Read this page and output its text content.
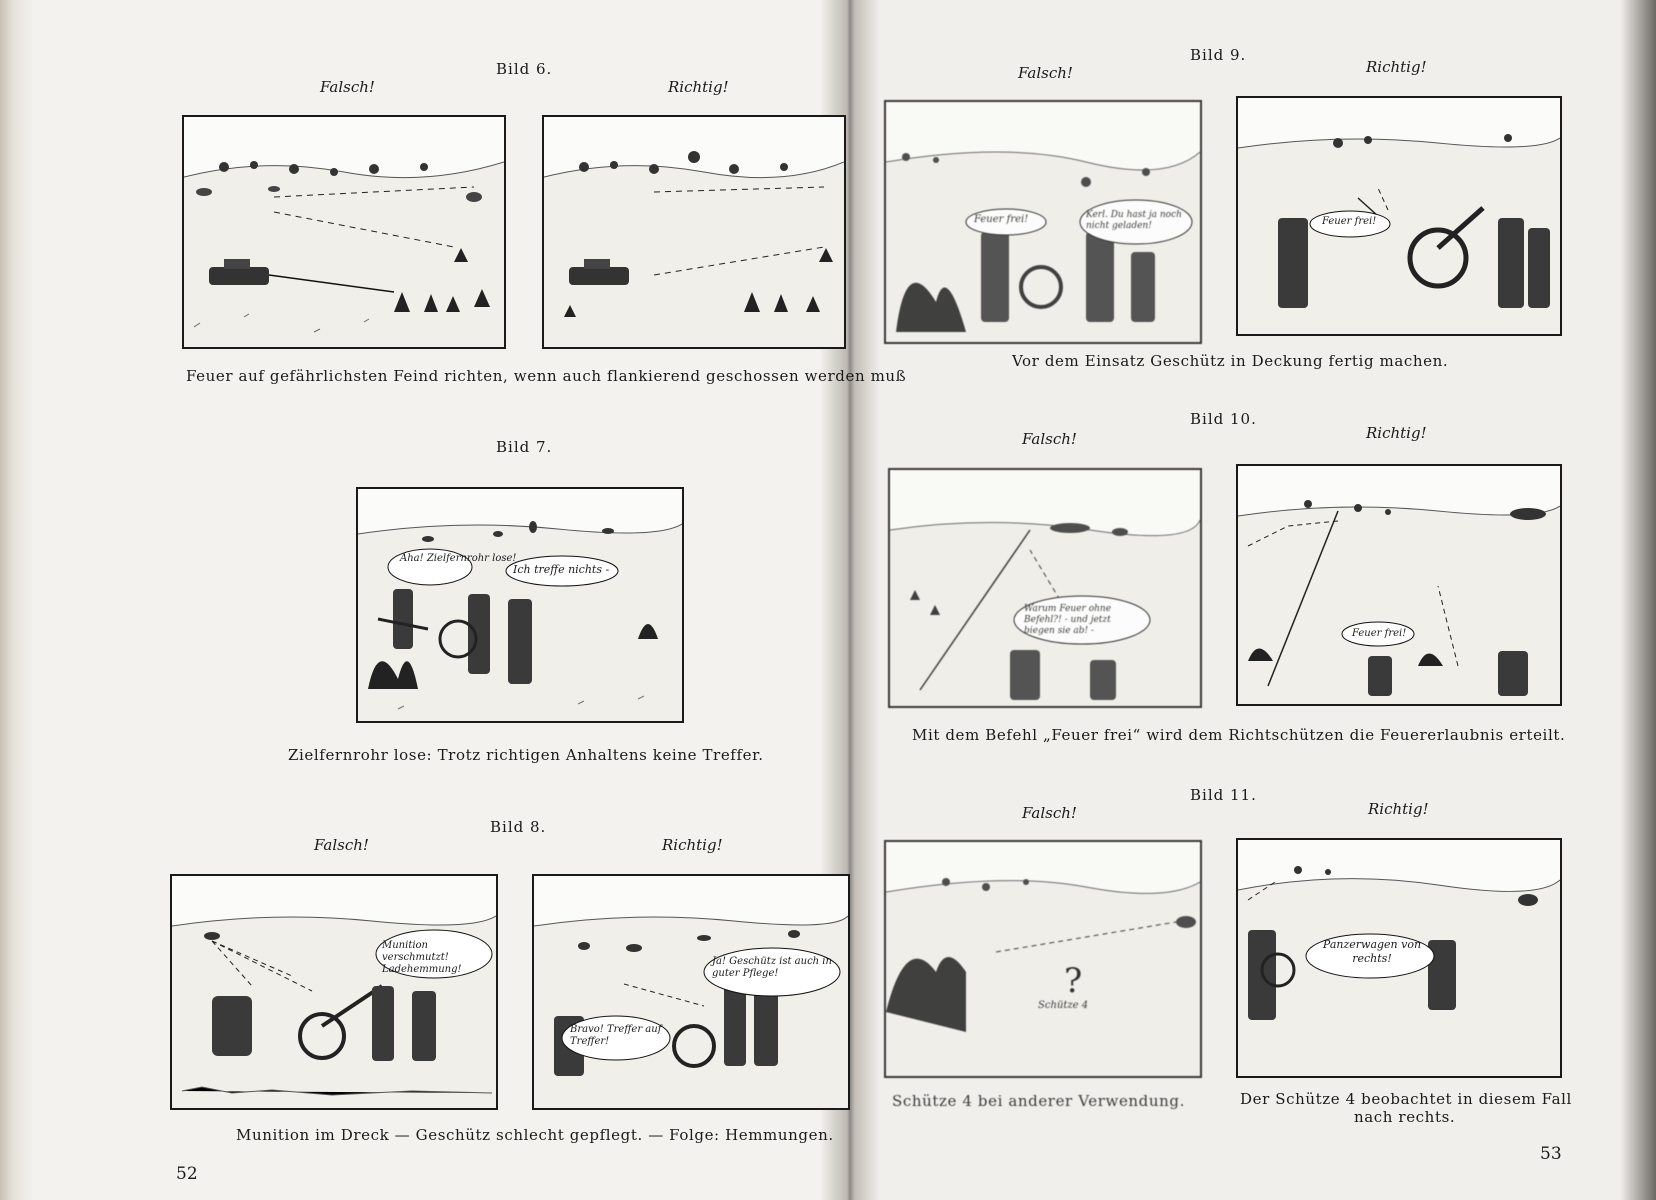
Bild 6.
Falsch!	Richtig!
Feuer auf gefährlichsten Feind richten, wenn auch flankierend geschossen werden muß
Bild 7.
Aha! Zielfernrohr lose!
Ich treffe nichts -
Zielfernrohr lose: Trotz richtigen Anhaltens keine Treffer.
Bild 8.
Falsch!	Richtig!
Munition verschmutzt! Ladehemmung!
Bravo! Treffer auf Treffer!
Ja! Geschütz ist auch in guter Pflege!
Munition im Dreck — Geschütz schlecht gepflegt. — Folge: Hemmungen.
52
Bild 9.
Falsch!	Richtig!
Feuer frei!	Kerl. Du hast ja noch nicht geladen!	Feuer frei!
Vor dem Einsatz Geschütz in Deckung fertig machen.
Bild 10.
Falsch!	Richtig!
Warum Feuer ohne Befehl?! - und jetzt biegen sie ab! -	Feuer frei!
Mit dem Befehl „Feuer frei“ wird dem Richtschützen die Feuererlaubnis erteilt.
Bild 11.
Falsch!	Richtig!
?
Schütze 4
Panzerwagen von rechts!
Schütze 4 bei anderer Verwendung.	Der Schütze 4 beobachtet in diesem Fall
nach rechts.
53
